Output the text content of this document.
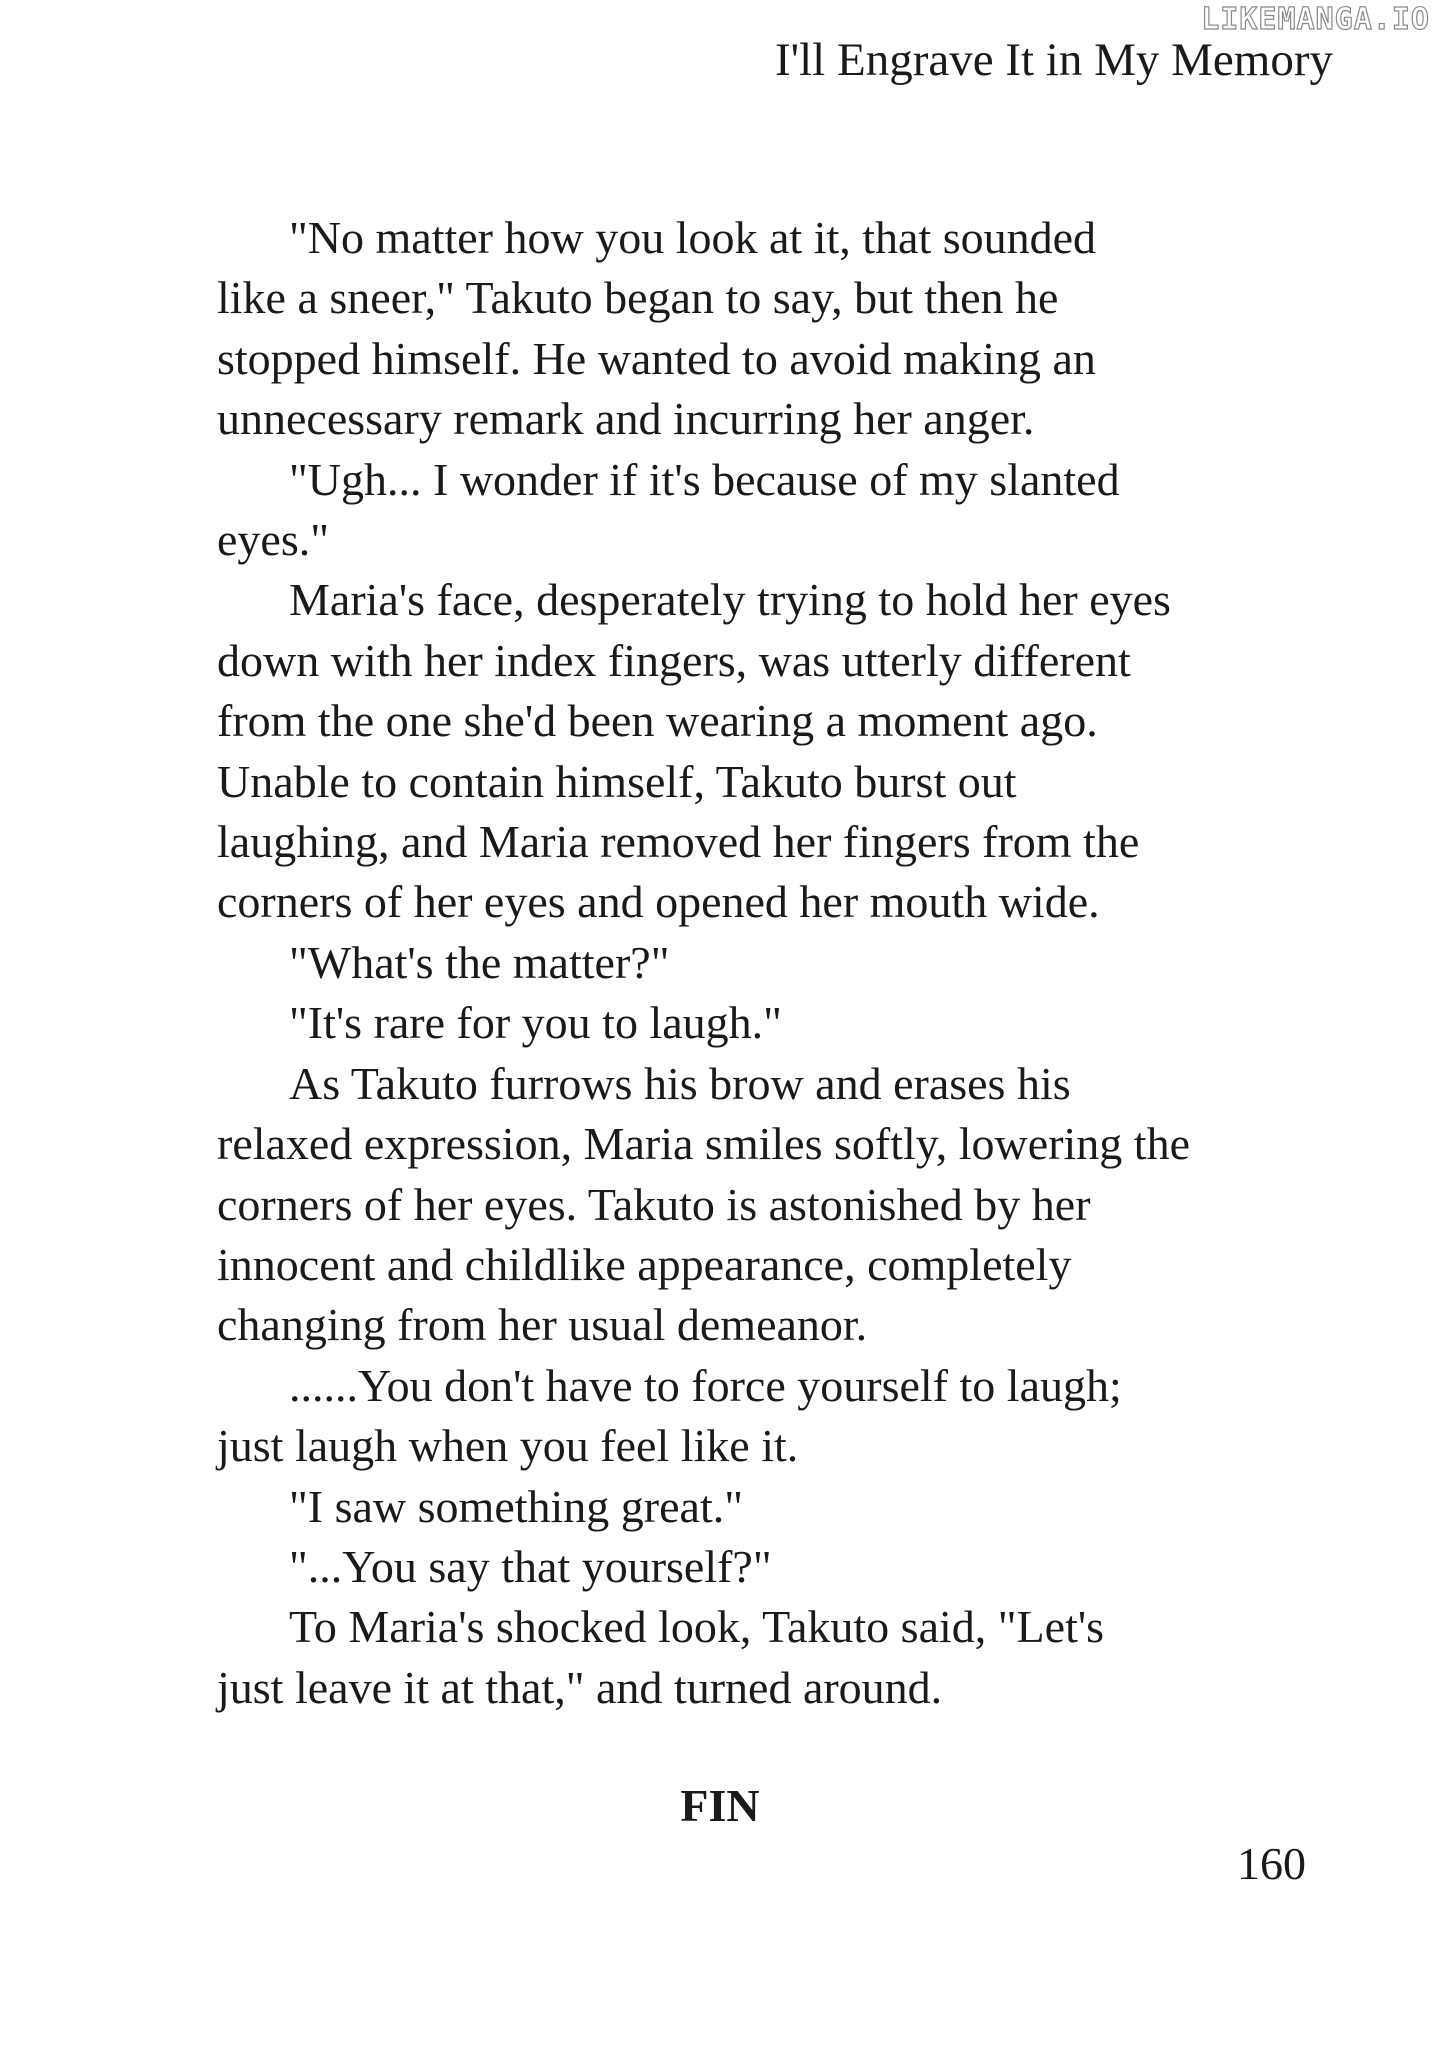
LIKEMANGA.IO
I'll Engrave It in My Memory

"No matter how you look at it, that sounded

like a sneer," Takuto began to say, but then he

stopped himself. He wanted to avoid making an

unnecessary remark and incurring her anger.

"Ugh... I wonder if it's because of my slanted

eyes."

Maria's face, desperately trying to hold her eyes

down with her index fingers, was utterly different

from the one she'd been wearing a moment ago.

Unable to contain himself, Takuto burst out

laughing, and Maria removed her fingers from the

corners of her eyes and opened her mouth wide.

"What's the matter?"

"It's rare for you to laugh."

As Takuto furrows his brow and erases his

relaxed expression, Maria smiles softly, lowering the

corners of her eyes. Takuto is astonished by her

innocent and childlike appearance, completely

changing from her usual demeanor.

......You don't have to force yourself to laugh;

just laugh when you feel like it.

"I saw something great."

"...You say that yourself?"

To Maria's shocked look, Takuto said, "Let's

just leave it at that," and turned around.

FIN
160
